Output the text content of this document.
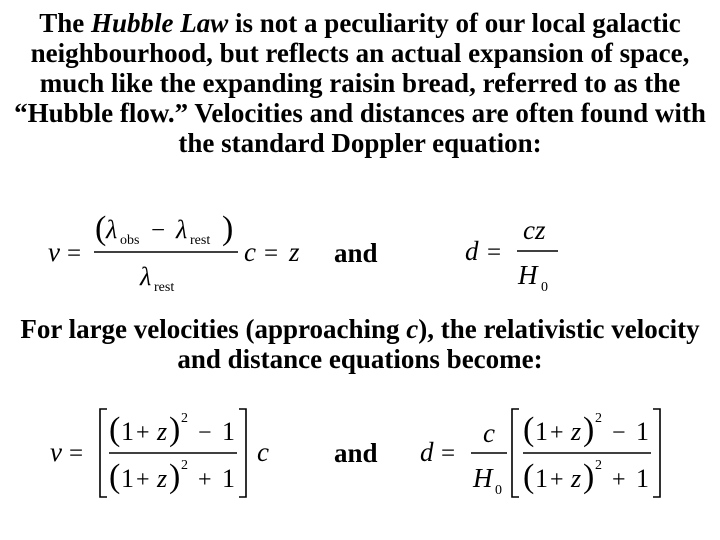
The Hubble Law is not a peculiarity of our local galactic neighbourhood, but reflects an actual expansion of space, much like the expanding raisin bread, referred to as the “Hubble flow.” Velocities and distances are often found with the standard Doppler equation:

v =
( λ obs − λ rest )
λ rest
c = z and	d =
cz
H 0

For large velocities (approaching c), the relativistic velocity and distance equations become:

v =
( 1 + z ) 2
− 1
( 1 + z ) 2
+ 1
c and d =
c
H 0
( 1 + z ) 2
− 1
( 1 + z ) 2
+ 1
